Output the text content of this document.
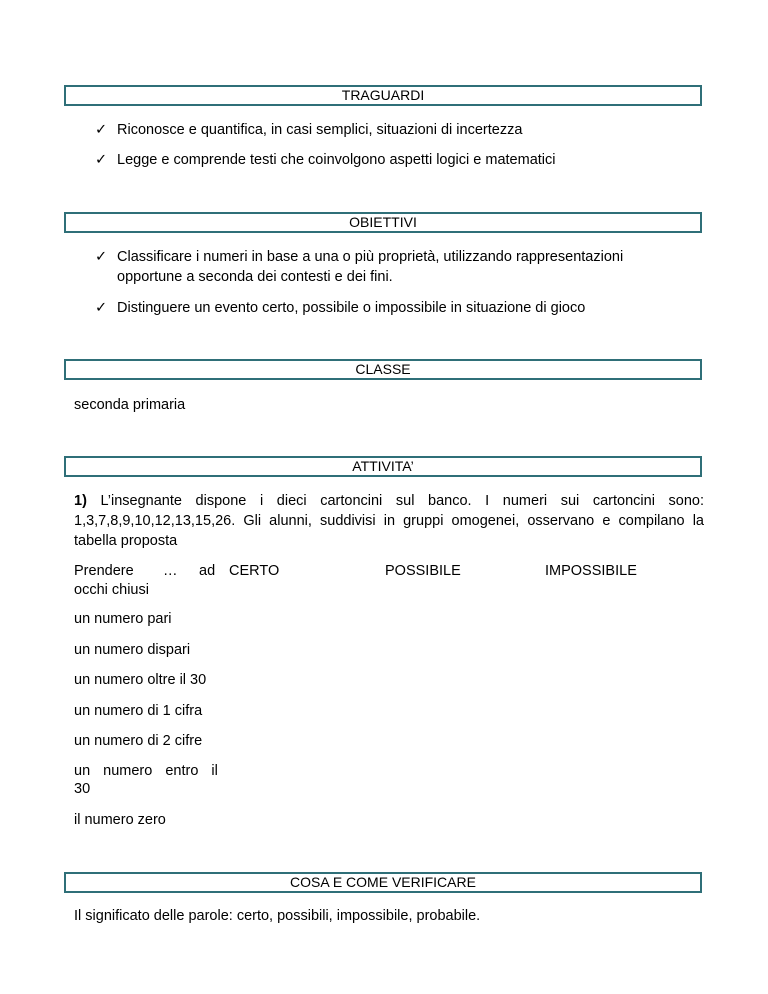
TRAGUARDI
✓ Riconosce e quantifica, in casi semplici, situazioni di incertezza
✓ Legge e comprende testi che coinvolgono aspetti logici e matematici
OBIETTIVI
✓ Classificare i numeri in base a una o più proprietà, utilizzando rappresentazioni opportune a seconda dei contesti e dei fini.
✓ Distinguere un evento certo, possibile o impossibile in situazione di gioco
CLASSE
seconda primaria
ATTIVITA’
1) L’insegnante dispone i dieci cartoncini sul banco. I numeri sui cartoncini sono: 1,3,7,8,9,10,12,13,15,26. Gli alunni, suddivisi in gruppi omogenei, osservano e compilano la tabella proposta
Prendere … ad
occhi chiusi
CERTO	POSSIBILE	IMPOSSIBILE
un numero pari
un numero dispari
un numero oltre il 30
un numero di 1 cifra
un numero di 2 cifre
un numero entro il
30
il numero zero
COSA E COME VERIFICARE
Il significato delle parole: certo, possibili, impossibile, probabile.
